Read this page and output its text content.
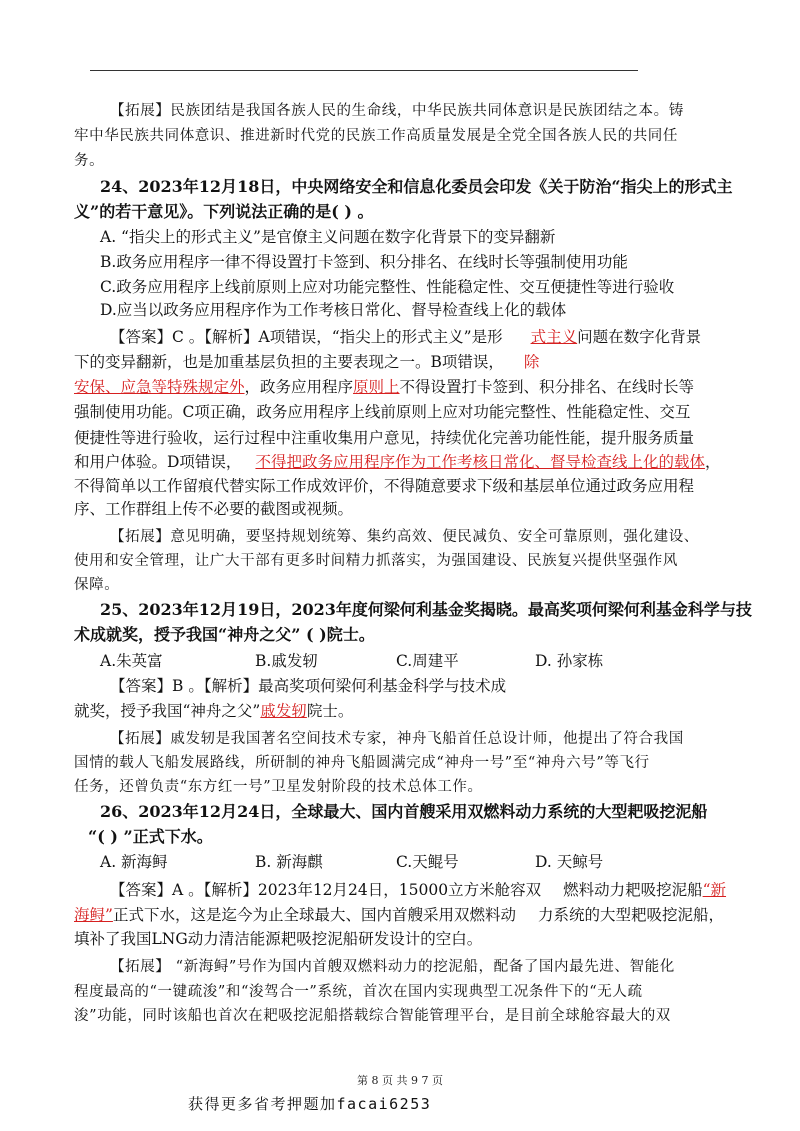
【拓展】民族团结是我国各族人民的生命线，中华民族共同体意识是民族团结之本。铸
牢中华民族共同体意识、推进新时代党的民族工作高质量发展是全党全国各族人民的共同任
务。
24、2023年12月18日，中央网络安全和信息化委员会印发《关于防治“指尖上的形式主
义”的若干意见》。下列说法正确的是( ) 。
A. “指尖上的形式主义”是官僚主义问题在数字化背景下的变异翻新
B.政务应用程序一律不得设置打卡签到、积分排名、在线时长等强制使用功能
C.政务应用程序上线前原则上应对功能完整性、性能稳定性、交互便捷性等进行验收
D.应当以政务应用程序作为工作考核日常化、督导检查线上化的载体
【答案】C 。【解析】A项错误，“指尖上的形式主义”是形 式主义问题在数字化背景
下的变异翻新，也是加重基层负担的主要表现之一。B项错误， 除
安保、应急等特殊规定外，政务应用程序原则上不得设置打卡签到、积分排名、在线时长等
强制使用功能。C项正确，政务应用程序上线前原则上应对功能完整性、性能稳定性、交互
便捷性等进行验收，运行过程中注重收集用户意见，持续优化完善功能性能，提升服务质量
和用户体验。D项错误， 不得把政务应用程序作为工作考核日常化、督导检查线上化的载体，
不得简单以工作留痕代替实际工作成效评价，不得随意要求下级和基层单位通过政务应用程
序、工作群组上传不必要的截图或视频。
【拓展】意见明确，要坚持规划统筹、集约高效、便民减负、安全可靠原则，强化建设、
使用和安全管理，让广大干部有更多时间精力抓落实，为强国建设、民族复兴提供坚强作风
保障。
25、2023年12月19日，2023年度何梁何利基金奖揭晓。最高奖项何梁何利基金科学与技
术成就奖，授予我国“神舟之父” ( )院士。
A.朱英富	B.戚发轫	C.周建平	D. 孙家栋
【答案】B 。【解析】最高奖项何梁何利基金科学与技术成
就奖，授予我国“神舟之父”戚发轫院士。
【拓展】戚发轫是我国著名空间技术专家，神舟飞船首任总设计师，他提出了符合我国
国情的载人飞船发展路线，所研制的神舟飞船圆满完成“神舟一号”至“神舟六号”等飞行
任务，还曾负责“东方红一号”卫星发射阶段的技术总体工作。
26、2023年12月24日，全球最大、国内首艘采用双燃料动力系统的大型耙吸挖泥船
“( ) ”正式下水。
A. 新海鲟	B. 新海麒	C.天鲲号	D. 天鲸号
【答案】A 。【解析】2023年12月24日，15000立方米舱容双 燃料动力耙吸挖泥船“新
海鲟”正式下水，这是迄今为止全球最大、国内首艘采用双燃料动 力系统的大型耙吸挖泥船，
填补了我国LNG动力清洁能源耙吸挖泥船研发设计的空白。
【拓展】 “新海鲟”号作为国内首艘双燃料动力的挖泥船，配备了国内最先进、智能化
程度最高的“一键疏浚”和“浚驾合一”系统，首次在国内实现典型工况条件下的“无人疏
浚”功能，同时该船也首次在耙吸挖泥船搭载综合智能管理平台，是目前全球舱容最大的双
第 8 页 共 9 7 页
获得更多省考押题加facai6253
